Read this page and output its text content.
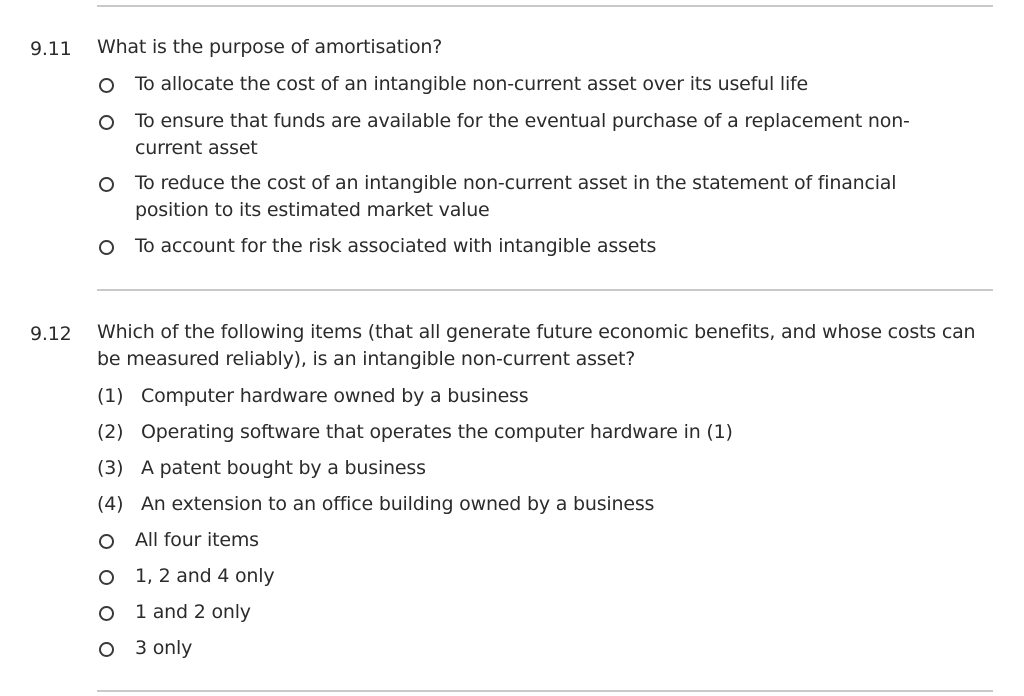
9.11 What is the purpose of amortisation?
To allocate the cost of an intangible non-current asset over its useful life
To ensure that funds are available for the eventual purchase of a replacement non-current asset
To reduce the cost of an intangible non-current asset in the statement of financial position to its estimated market value
To account for the risk associated with intangible assets
9.12 Which of the following items (that all generate future economic benefits, and whose costs can be measured reliably), is an intangible non-current asset?
(1) Computer hardware owned by a business
(2) Operating software that operates the computer hardware in (1)
(3) A patent bought by a business
(4) An extension to an office building owned by a business
All four items
1, 2 and 4 only
1 and 2 only
3 only
